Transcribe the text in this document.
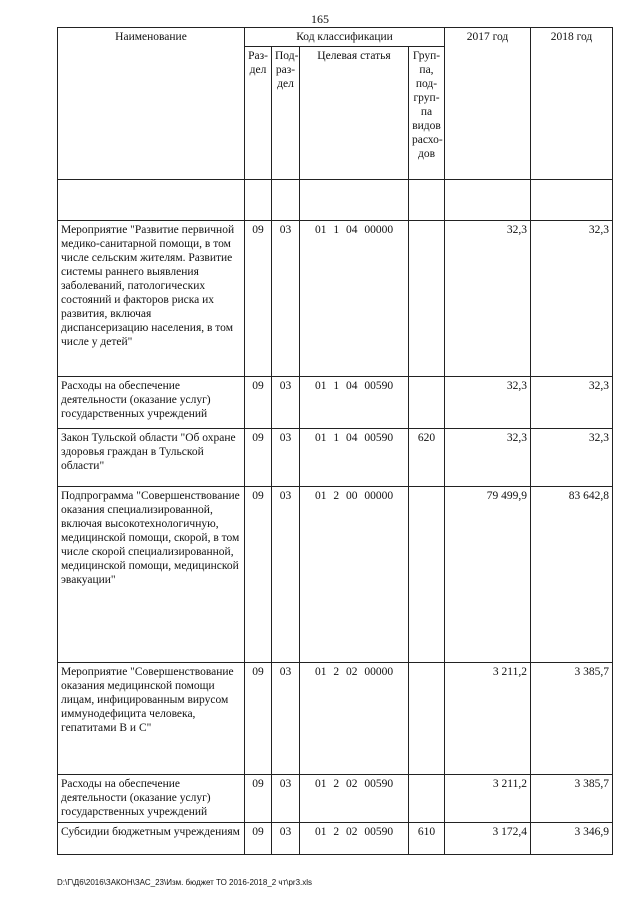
165
Наименование	Код классификации				2017 год	2018 год
	Раз-дел	Под-раз-дел	Целевая статья	Груп-па, под-груп-па видов расхо-дов		

Мероприятие "Развитие первичной медико-санитарной помощи, в том числе сельским жителям. Развитие системы раннего выявления заболеваний, патологических состояний и факторов риска их развития, включая диспансеризацию населения, в том числе у детей"	09	03	01 1 04 00000		32,3	32,3
Расходы на обеспечение деятельности (оказание услуг) государственных учреждений	09	03	01 1 04 00590		32,3	32,3
Закон Тульской области "Об охране здоровья граждан в Тульской области"	09	03	01 1 04 00590	620	32,3	32,3
Подпрограмма "Совершенствование оказания специализированной, включая высокотехнологичную, медицинской помощи, скорой, в том числе скорой специализированной, медицинской помощи, медицинской эвакуации"	09	03	01 2 00 00000		79 499,9	83 642,8
Мероприятие "Совершенствование оказания медицинской помощи лицам, инфицированным вирусом иммунодефицита человека, гепатитами B и C"	09	03	01 2 02 00000		3 211,2	3 385,7
Расходы на обеспечение деятельности (оказание услуг) государственных учреждений	09	03	01 2 02 00590		3 211,2	3 385,7
Субсидии бюджетным учреждениям	09	03	01 2 02 00590	610	3 172,4	3 346,9
D:\Г\Д6\2016\ЗАКОН\ЗАС_23\Изм. бюджет ТО 2016-2018_2 чт\pr3.xls
